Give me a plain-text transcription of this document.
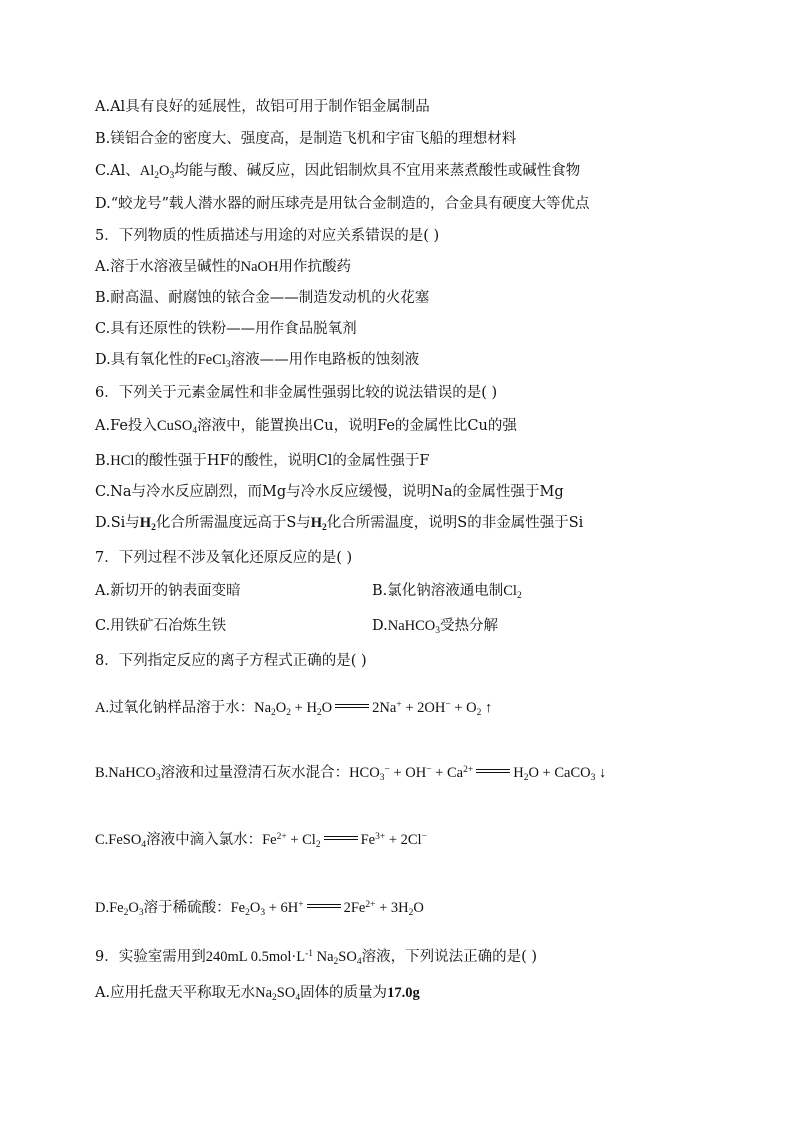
A.Al具有良好的延展性，故铝可用于制作铝金属制品
B.镁铝合金的密度大、强度高，是制造飞机和宇宙飞船的理想材料
C.Al、$Al_2O_3$均能与酸、碱反应，因此铝制炊具不宜用来蒸煮酸性或碱性食物
D.“蛟龙号”载人潜水器的耐压球壳是用钛合金制造的，合金具有硬度大等优点
5．下列物质的性质描述与用途的对应关系错误的是( )
A.溶于水溶液呈碱性的NaOH用作抗酸药
B.耐高温、耐腐蚀的铱合金——制造发动机的火花塞
C.具有还原性的铁粉——用作食品脱氧剂
D.具有氧化性的FeCl$_3$溶液——用作电路板的蚀刻液
6．下列关于元素金属性和非金属性强弱比较的说法错误的是( )
A.Fe投入CuSO$_4$溶液中，能置换出Cu，说明Fe的金属性比Cu的强
B.HCl的酸性强于HF的酸性，说明Cl的金属性强于F
C.Na与冷水反应剧烈，而Mg与冷水反应缓慢，说明Na的金属性强于Mg
D.Si与$H_2$化合所需温度远高于S与$H_2$化合所需温度，说明S的非金属性强于Si
7．下列过程不涉及氧化还原反应的是( )
A.新切开的钠表面变暗	B.氯化钠溶液通电制$Cl_2$
C.用铁矿石冶炼生铁	D.NaHCO$_3$受热分解
8．下列指定反应的离子方程式正确的是( )
A.过氧化钠样品溶于水：$Na_2O_2 + H_2O$	$2Na^+ + 2OH^- + O_2$ ↑
B.NaHCO$_3$溶液和过量澄清石灰水混合：$HCO_3^- + OH^- + Ca^{2+}$	$H_2O$ + CaCO$_3$ ↓
C.FeSO$_4$溶液中滴入氯水：$Fe^{2+} + Cl_2$	$Fe^{3+} + 2Cl^-$
$D.Fe_2O_3$溶于稀硫酸：$Fe_2O_3 + 6H^+$	$2Fe^{2+} + 3H_2O$
9．实验室需用到240mL $0.5mol\cdot L^{-1}$ $Na_2SO_4$溶液，下列说法正确的是( )
A.应用托盘天平称取无水$Na_2SO_4$固体的质量为17.0g
